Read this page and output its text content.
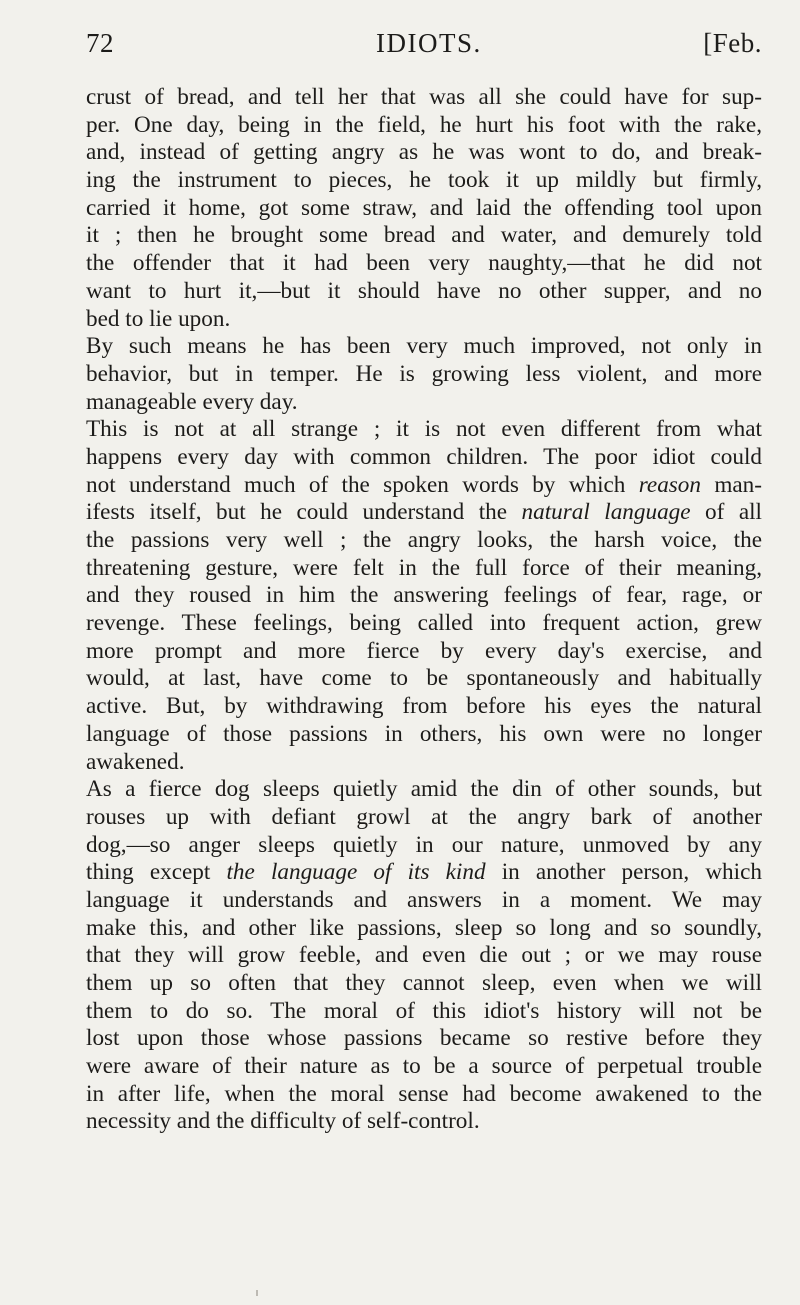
72	IDIOTS.	[Feb.
crust of bread, and tell her that was all she could have for sup-
per. One day, being in the field, he hurt his foot with the rake,
and, instead of getting angry as he was wont to do, and break-
ing the instrument to pieces, he took it up mildly but firmly,
carried it home, got some straw, and laid the offending tool upon
it ; then he brought some bread and water, and demurely told
the offender that it had been very naughty,—that he did not
want to hurt it,—but it should have no other supper, and no
bed to lie upon.
By such means he has been very much improved, not only in
behavior, but in temper. He is growing less violent, and more
manageable every day.
This is not at all strange ; it is not even different from what
happens every day with common children. The poor idiot could
not understand much of the spoken words by which reason man-
ifests itself, but he could understand the natural language of all
the passions very well ; the angry looks, the harsh voice, the
threatening gesture, were felt in the full force of their meaning,
and they roused in him the answering feelings of fear, rage, or
revenge. These feelings, being called into frequent action, grew
more prompt and more fierce by every day's exercise, and
would, at last, have come to be spontaneously and habitually
active. But, by withdrawing from before his eyes the natural
language of those passions in others, his own were no longer
awakened.
As a fierce dog sleeps quietly amid the din of other sounds, but
rouses up with defiant growl at the angry bark of another
dog,—so anger sleeps quietly in our nature, unmoved by any
thing except the language of its kind in another person, which
language it understands and answers in a moment. We may
make this, and other like passions, sleep so long and so soundly,
that they will grow feeble, and even die out ; or we may rouse
them up so often that they cannot sleep, even when we will
them to do so. The moral of this idiot's history will not be
lost upon those whose passions became so restive before they
were aware of their nature as to be a source of perpetual trouble
in after life, when the moral sense had become awakened to the
necessity and the difficulty of self-control.
